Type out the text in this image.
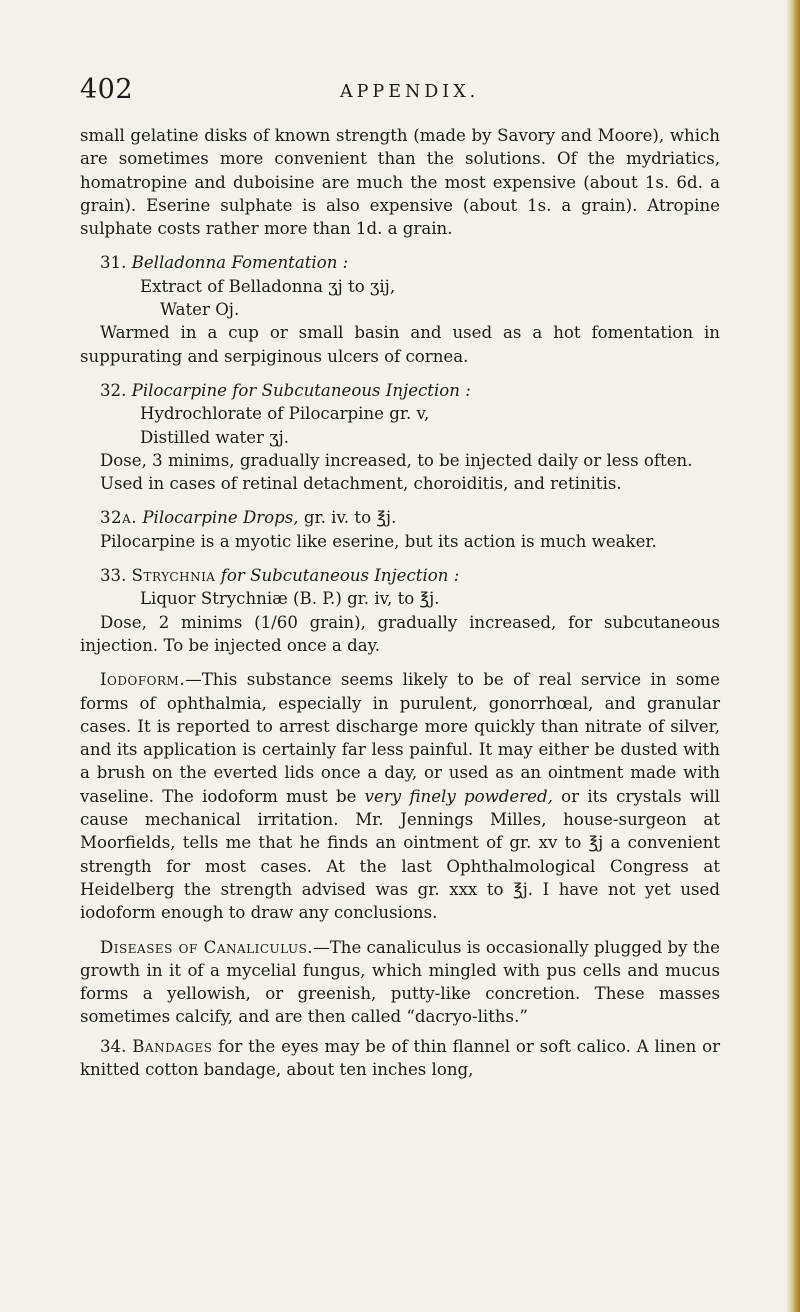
402	APPENDIX.

small gelatine disks of known strength (made by Savory and Moore), which are sometimes more convenient than the solutions. Of the mydriatics, homatropine and duboisine are much the most expensive (about 1s. 6d. a grain). Eserine sulphate is also expensive (about 1s. a grain). Atropine sulphate costs rather more than 1d. a grain.

31. Belladonna Fomentation :

Extract of Belladonna ʒj to ʒij,

Water Oj.

Warmed in a cup or small basin and used as a hot fomentation in suppurating and serpiginous ulcers of cornea.

32. Pilocarpine for Subcutaneous Injection :

Hydrochlorate of Pilocarpine gr. v,

Distilled water ʒj.

Dose, 3 minims, gradually increased, to be injected daily or less often.

Used in cases of retinal detachment, choroiditis, and retinitis.

32a. Pilocarpine Drops, gr. iv. to ℥j.

Pilocarpine is a myotic like eserine, but its action is much weaker.

33. Strychnia for Subcutaneous Injection :

Liquor Strychniæ (B. P.) gr. iv, to ℥j.

Dose, 2 minims (1/60 grain), gradually increased, for subcutaneous injection. To be injected once a day.

Iodoform.—This substance seems likely to be of real service in some forms of ophthalmia, especially in purulent, gonorrhœal, and granular cases. It is reported to arrest discharge more quickly than nitrate of silver, and its application is certainly far less painful. It may either be dusted with a brush on the everted lids once a day, or used as an ointment made with vaseline. The iodoform must be very finely powdered, or its crystals will cause mechanical irritation. Mr. Jennings Milles, house-surgeon at Moorfields, tells me that he finds an ointment of gr. xv to ℥j a convenient strength for most cases. At the last Ophthalmological Congress at Heidelberg the strength advised was gr. xxx to ℥j. I have not yet used iodoform enough to draw any conclusions.

Diseases of Canaliculus.—The canaliculus is occasionally plugged by the growth in it of a mycelial fungus, which mingled with pus cells and mucus forms a yellowish, or greenish, putty-like concretion. These masses sometimes calcify, and are then called “dacryo-liths.”

34. Bandages for the eyes may be of thin flannel or soft calico. A linen or knitted cotton bandage, about ten inches long,
